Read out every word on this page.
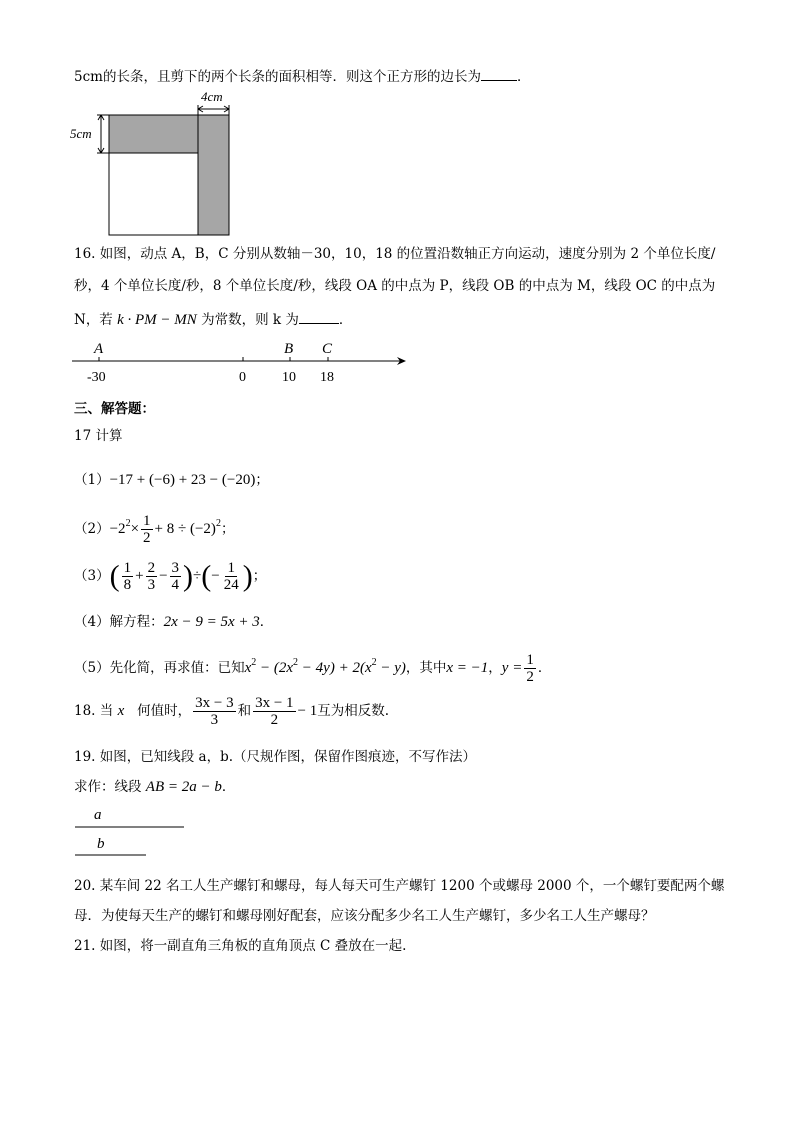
5cm的长条，且剪下的两个长条的面积相等．则这个正方形的边长为	．
4cm
5cm
16. 如图，动点 A，B，C 分别从数轴－30，10，18 的位置沿数轴正方向运动，速度分别为 2 个单位长度/
秒，4 个单位长度/秒，8 个单位长度/秒，线段 OA 的中点为 P，线段 OB 的中点为 M，线段 OC 的中点为
N，若 k · PM − MN 为常数，则 k 为	．
A	B C
-30	0	10 18
三、解答题：
17 计算
（1）−17 + (−6) + 23 − (−20)；
$(2)-2^2\times \frac{1}{2} + 8 \div (-2)^2$；
$(3)( \frac{1}{8} + \frac{2}{3} - \frac{3}{4}$ )÷(− $\frac{1}{24}$ )；
（4）解方程：2x − 9 = 5x + 3．
（5）先化简，再求值：已知$x^2 - (2x^2 - 4y) + 2(x^2 - y)$，其中x = −1，$y = \frac{1}{2}$ ．
18. 当 x 何值时， $\frac{3x - 3}{3}$ 和 $\frac{3x - 1}{2} - 1$互为相反数.
19. 如图，已知线段 a，b.（尺规作图，保留作图痕迹，不写作法）
求作：线段 AB = 2a − b．
a
b
20. 某车间 22 名工人生产螺钉和螺母，每人每天可生产螺钉 1200 个或螺母 2000 个，一个螺钉要配两个螺
母．为使每天生产的螺钉和螺母刚好配套，应该分配多少名工人生产螺钉，多少名工人生产螺母？
21. 如图，将一副直角三角板的直角顶点 C 叠放在一起.
